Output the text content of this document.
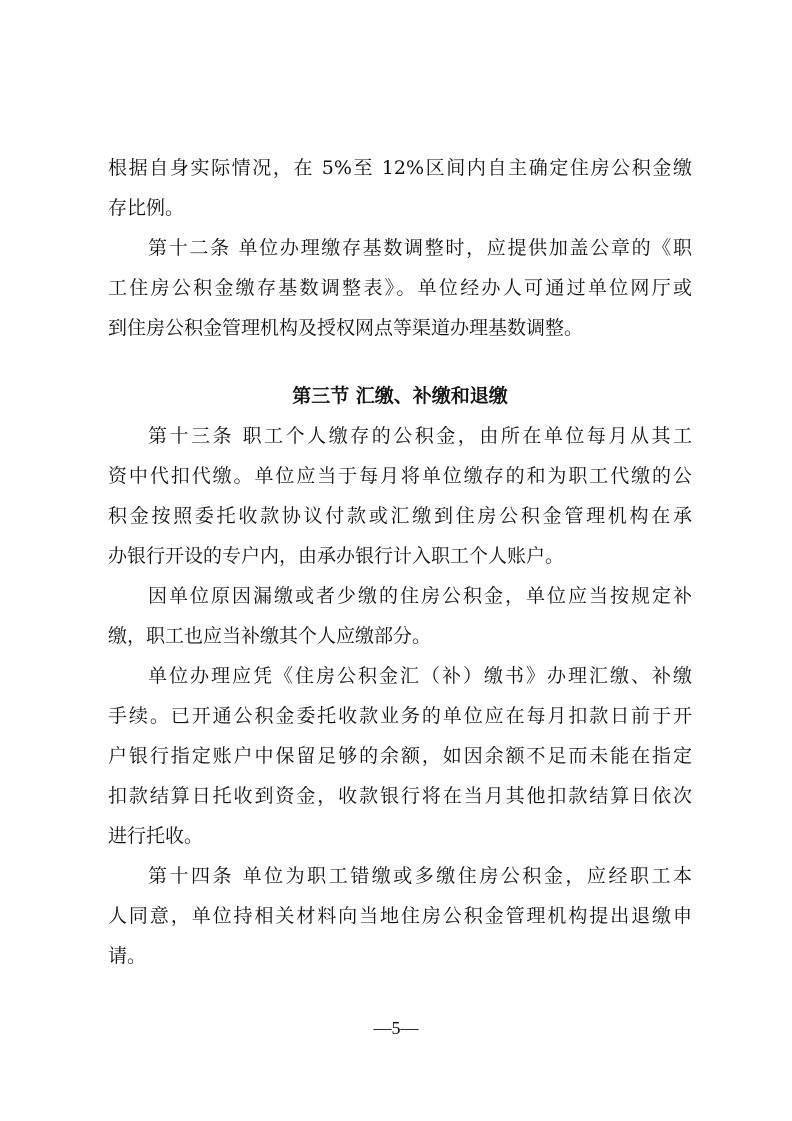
根据自身实际情况，在 5%至 12%区间内自主确定住房公积金缴
存比例。
第十二条 单位办理缴存基数调整时，应提供加盖公章的《职
工住房公积金缴存基数调整表》。单位经办人可通过单位网厅或
到住房公积金管理机构及授权网点等渠道办理基数调整。
第三节 汇缴、补缴和退缴
第十三条 职工个人缴存的公积金，由所在单位每月从其工
资中代扣代缴。单位应当于每月将单位缴存的和为职工代缴的公
积金按照委托收款协议付款或汇缴到住房公积金管理机构在承
办银行开设的专户内，由承办银行计入职工个人账户。
因单位原因漏缴或者少缴的住房公积金，单位应当按规定补
缴，职工也应当补缴其个人应缴部分。
单位办理应凭《住房公积金汇（补）缴书》办理汇缴、补缴
手续。已开通公积金委托收款业务的单位应在每月扣款日前于开
户银行指定账户中保留足够的余额，如因余额不足而未能在指定
扣款结算日托收到资金，收款银行将在当月其他扣款结算日依次
进行托收。
第十四条 单位为职工错缴或多缴住房公积金，应经职工本
人同意，单位持相关材料向当地住房公积金管理机构提出退缴申
请。
—5—
